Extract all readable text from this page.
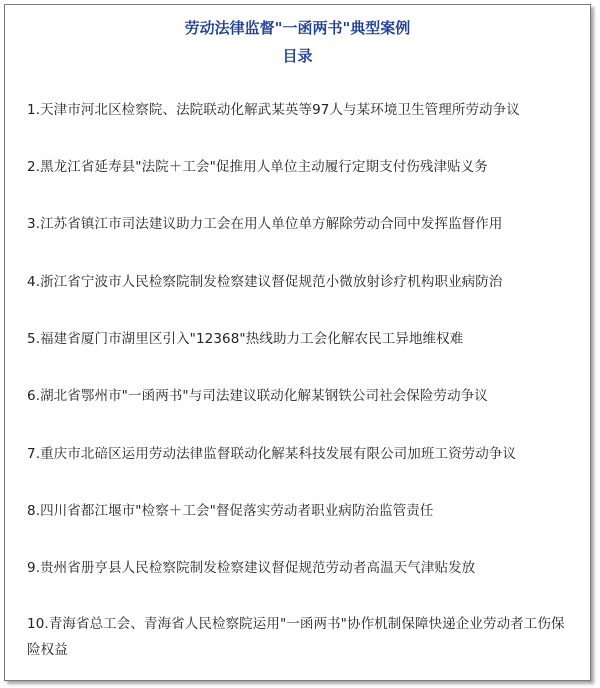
劳动法律监督"一函两书"典型案例
目录
1.天津市河北区检察院、法院联动化解武某英等97人与某环境卫生管理所劳动争议
2.黑龙江省延寿县"法院＋工会"促推用人单位主动履行定期支付伤残津贴义务
3.江苏省镇江市司法建议助力工会在用人单位单方解除劳动合同中发挥监督作用
4.浙江省宁波市人民检察院制发检察建议督促规范小微放射诊疗机构职业病防治
5.福建省厦门市湖里区引入"12368"热线助力工会化解农民工异地维权难
6.湖北省鄂州市"一函两书"与司法建议联动化解某钢铁公司社会保险劳动争议
7.重庆市北碚区运用劳动法律监督联动化解某科技发展有限公司加班工资劳动争议
8.四川省都江堰市"检察＋工会"督促落实劳动者职业病防治监管责任
9.贵州省册亨县人民检察院制发检察建议督促规范劳动者高温天气津贴发放
10.青海省总工会、青海省人民检察院运用"一函两书"协作机制保障快递企业劳动者工伤保险权益
